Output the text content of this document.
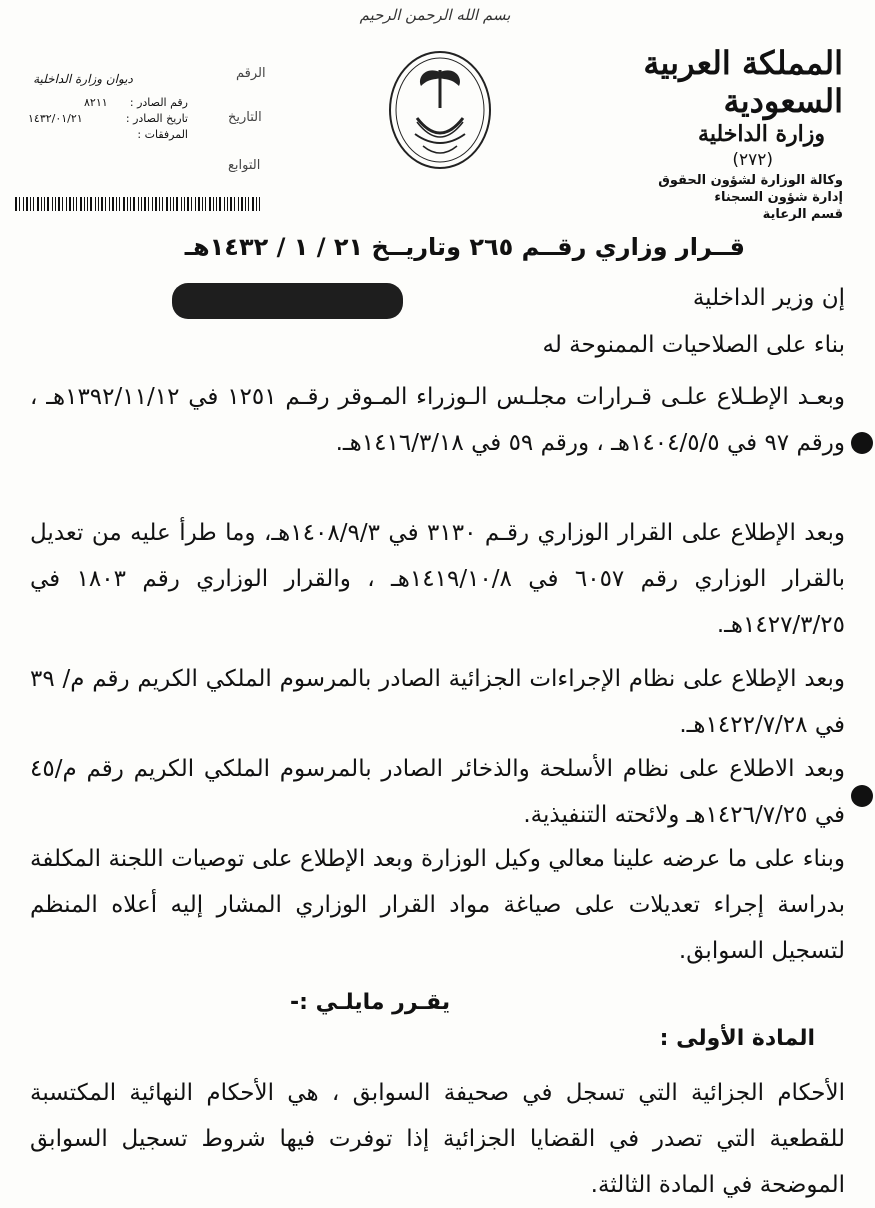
بسم الله الرحمن الرحيم
المملكة العربية السعودية
وزارة الداخلية
(٢٧٢)
وكالة الوزارة لشؤون الحقوق
إدارة شؤون السجناء
قسم الرعاية
ديوان وزارة الداخلية	الرقم
التاريخ
التوابع
رقم الصادر :
٨٢١١
تاريخ الصادر :
١٤٣٢/٠١/٢١
المرفقات :
قــرار وزاري رقــم ٢٦٥ وتاريــخ ٢١ / ١ / ١٤٣٢هـ
إن وزير الداخلية
بناء على الصلاحيات الممنوحة له
وبعـد الإطـلاع علـى قـرارات مجلـس الـوزراء المـوقر رقـم ١٢٥١ في ١٣٩٢/١١/١٢هـ ، ورقم ٩٧ في ١٤٠٤/٥/٥هـ ، ورقم ٥٩ في ١٤١٦/٣/١٨هـ.
وبعد الإطلاع على القرار الوزاري رقـم ٣١٣٠ في ١٤٠٨/٩/٣هـ، وما طرأ عليه من تعديل بالقرار الوزاري رقم ٦٠٥٧ في ١٤١٩/١٠/٨هـ ، والقرار الوزاري رقم ١٨٠٣ في ١٤٢٧/٣/٢٥هـ.
وبعد الإطلاع على نظام الإجراءات الجزائية الصادر بالمرسوم الملكي الكريم رقم م/ ٣٩ في ١٤٢٢/٧/٢٨هـ.
وبعد الاطلاع على نظام الأسلحة والذخائر الصادر بالمرسوم الملكي الكريم رقم م/٤٥ في ١٤٢٦/٧/٢٥هـ ولائحته التنفيذية.
وبناء على ما عرضه علينا معالي وكيل الوزارة وبعد الإطلاع على توصيات اللجنة المكلفة بدراسة إجراء تعديلات على صياغة مواد القرار الوزاري المشار إليه أعلاه المنظم لتسجيل السوابق.
يقـرر مايلـي :-
المادة الأولى :
الأحكام الجزائية التي تسجل في صحيفة السوابق ، هي الأحكام النهائية المكتسبة للقطعية التي تصدر في القضايا الجزائية إذا توفرت فيها شروط تسجيل السوابق الموضحة في المادة الثالثة.
